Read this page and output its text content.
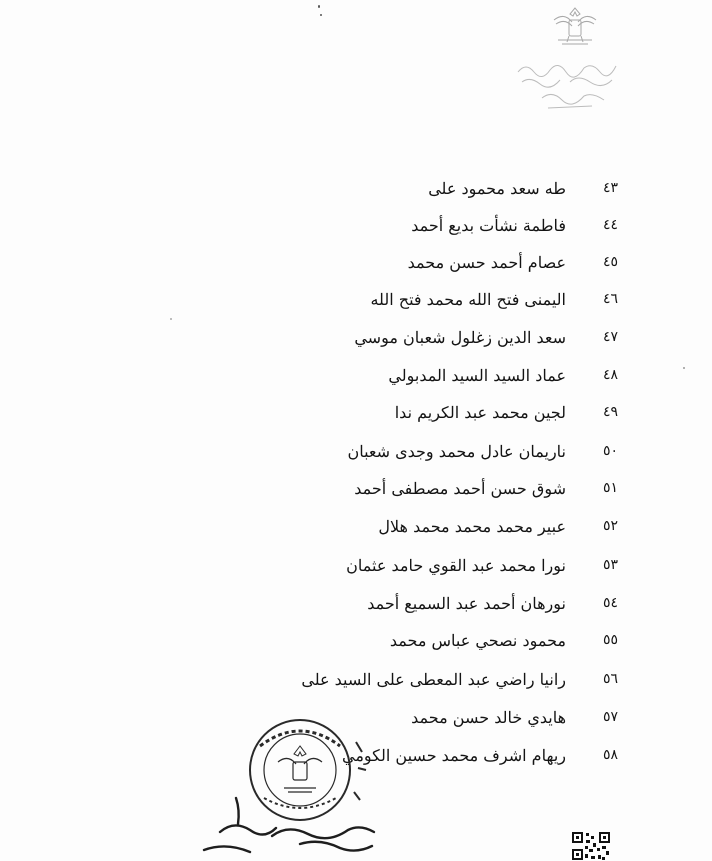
٤٣
طه سعد محمود على
٤٤
فاطمة نشأت بديع أحمد
٤٥
عصام أحمد حسن محمد
٤٦
اليمنى فتح الله محمد فتح الله
٤٧
سعد الدين زغلول شعبان موسي
٤٨
عماد السيد السيد المدبولي
٤٩
لجين محمد عبد الكريم ندا
٥٠
ناريمان عادل محمد وجدى شعبان
٥١
شوق حسن أحمد مصطفى أحمد
٥٢
عبير محمد محمد محمد هلال
٥٣
نورا محمد عبد القوي حامد عثمان
٥٤
نورهان أحمد عبد السميع أحمد
٥٥
محمود نصحي عباس محمد
٥٦
رانيا راضي عبد المعطى على السيد على
٥٧
هايدي خالد حسن محمد
٥٨
ريهام اشرف محمد حسين الكومي
